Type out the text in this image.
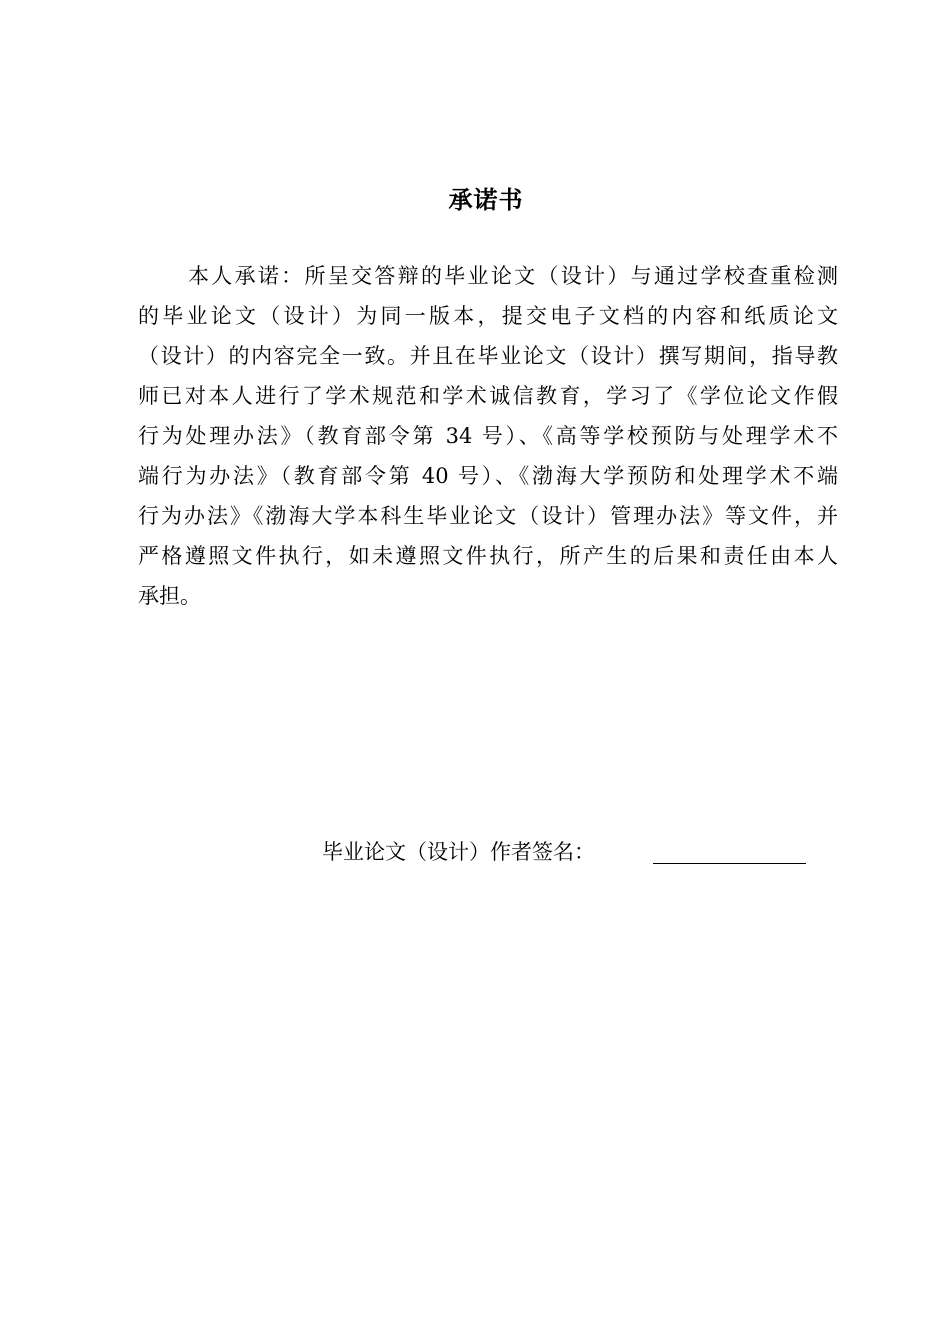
承诺书
本人承诺：所呈交答辩的毕业论文（设计）与通过学校查重检测
的毕业论文（设计）为同一版本，提交电子文档的内容和纸质论文
（设计）的内容完全一致。并且在毕业论文（设计）撰写期间，指导教
师已对本人进行了学术规范和学术诚信教育，学习了《学位论文作假
行为处理办法》（教育部令第 34 号）、《高等学校预防与处理学术不
端行为办法》（教育部令第 40 号）、《渤海大学预防和处理学术不端
行为办法》《渤海大学本科生毕业论文（设计）管理办法》等文件，并
严格遵照文件执行，如未遵照文件执行，所产生的后果和责任由本人
承担。
毕业论文（设计）作者签名：
